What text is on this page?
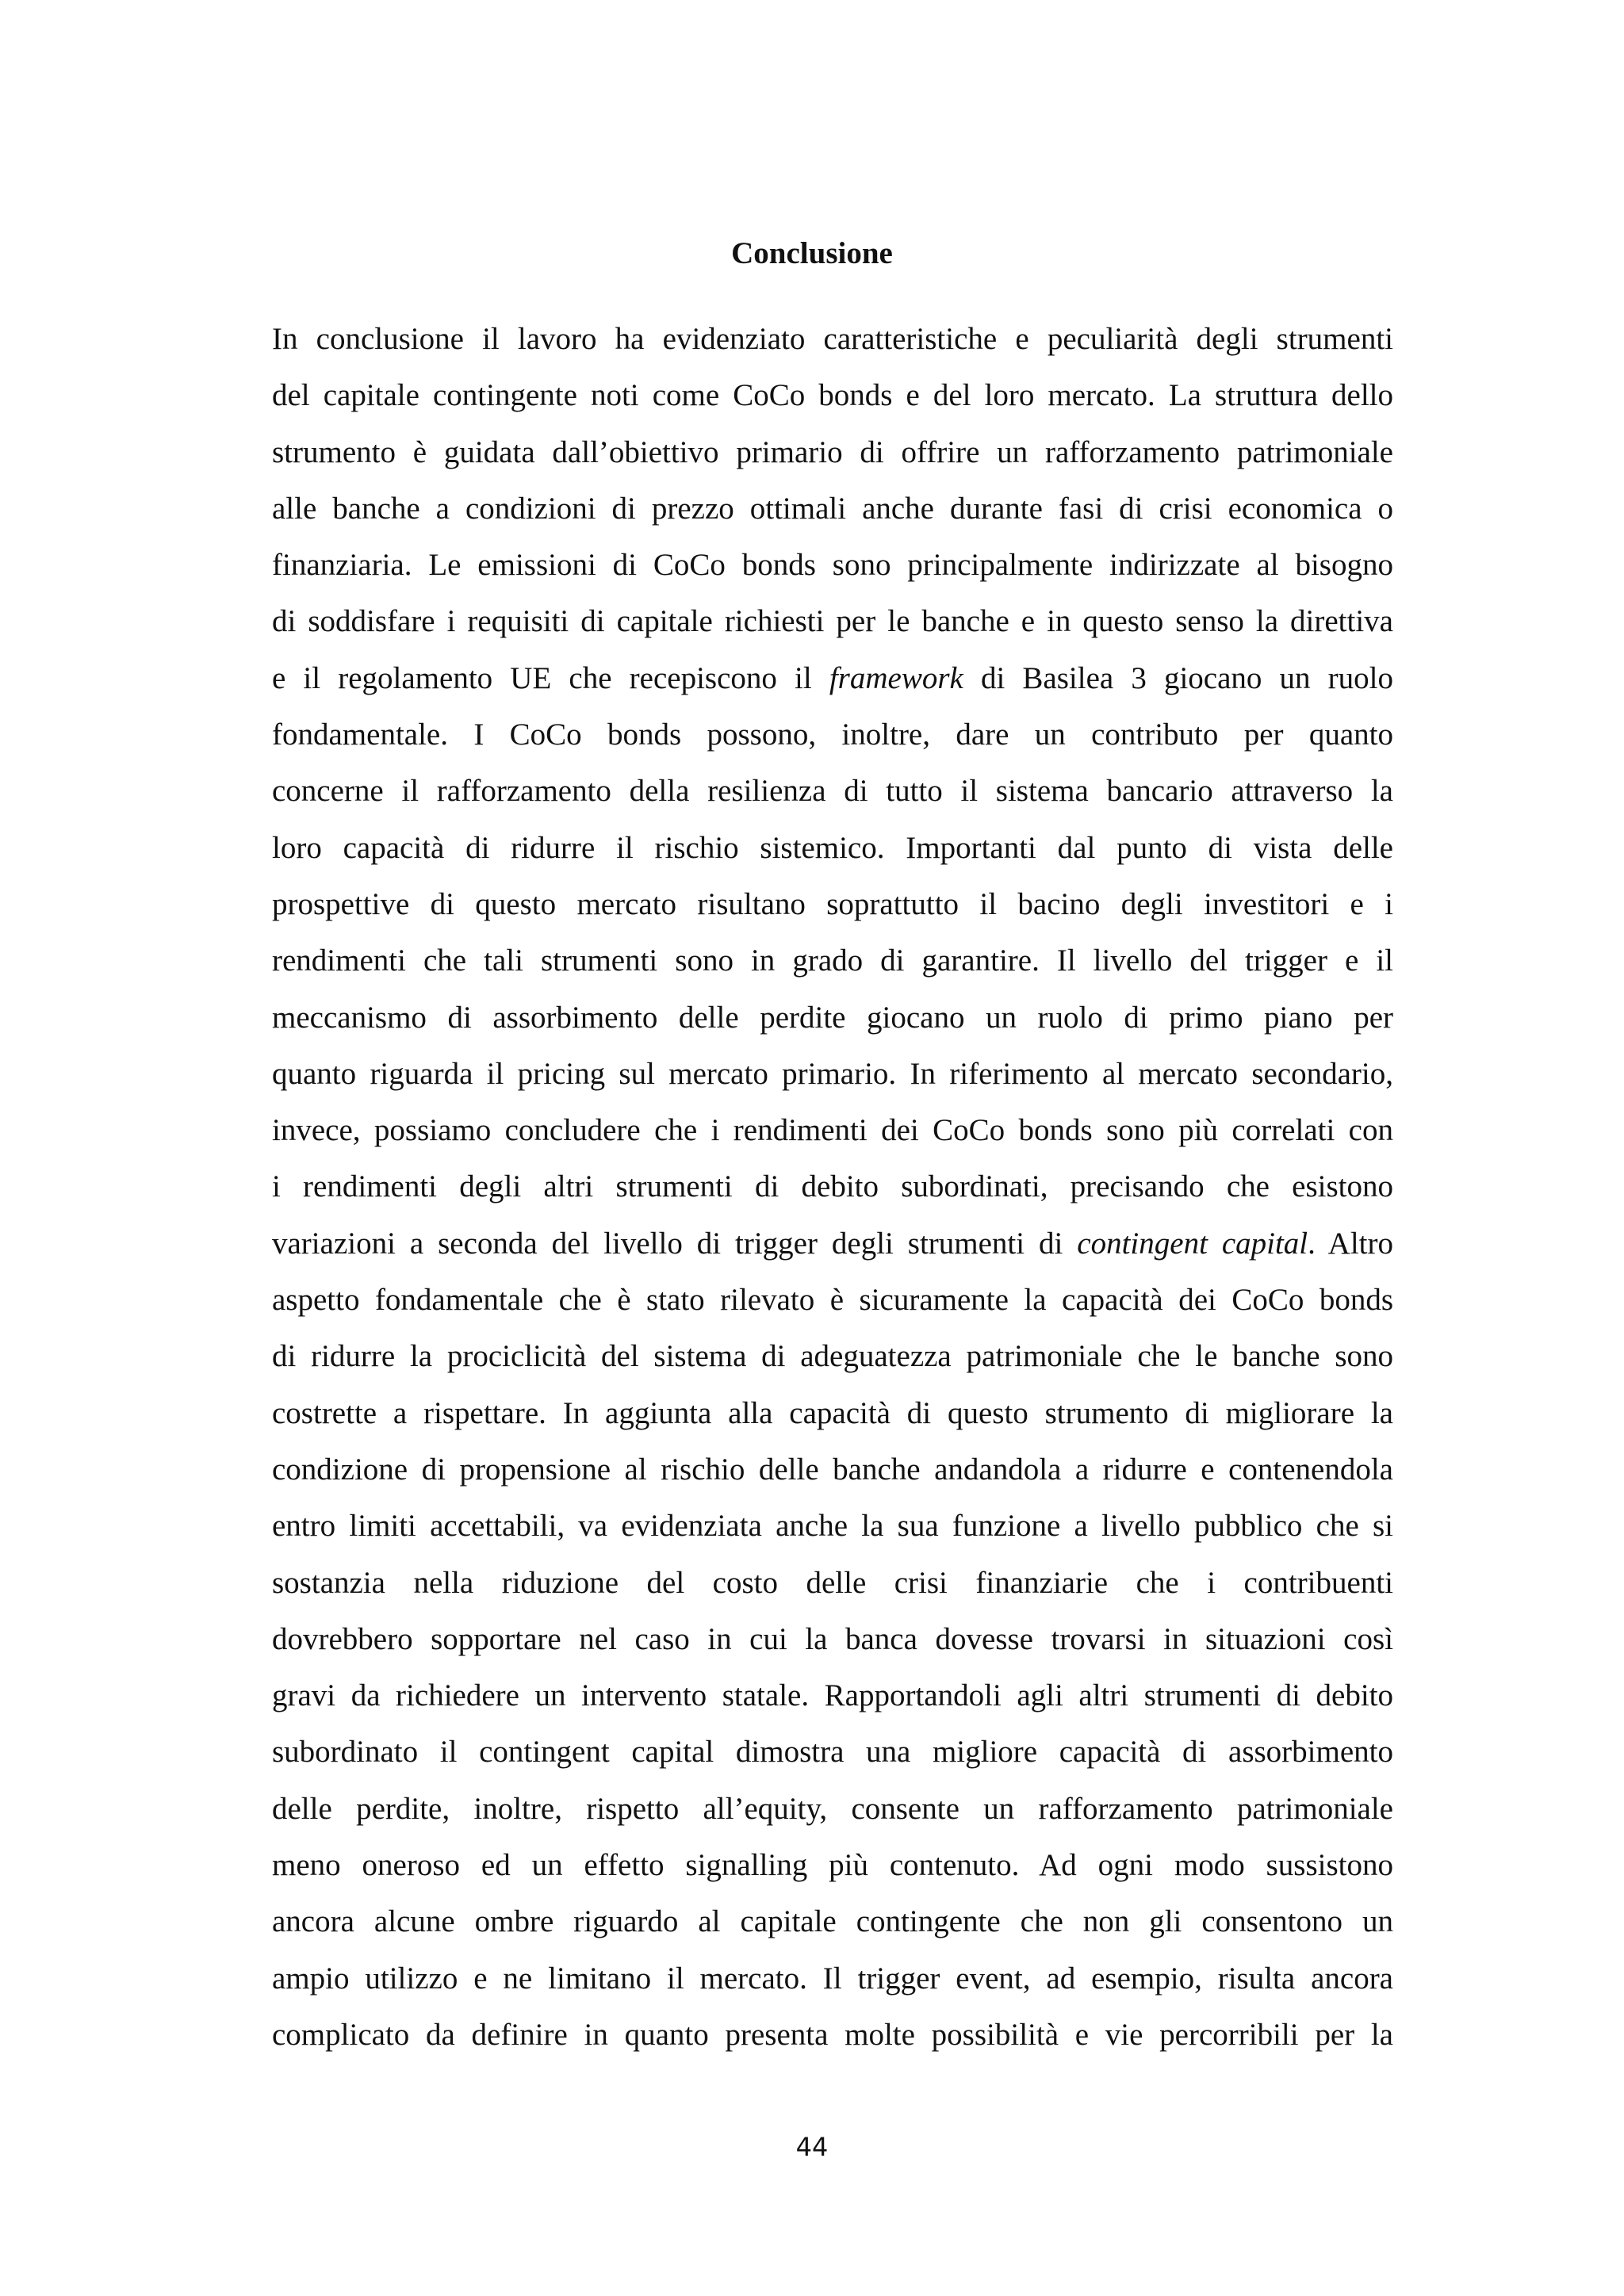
Conclusione
In conclusione il lavoro ha evidenziato caratteristiche e peculiarità degli strumenti
del capitale contingente noti come CoCo bonds e del loro mercato. La struttura dello
strumento è guidata dall’obiettivo primario di offrire un rafforzamento patrimoniale
alle banche a condizioni di prezzo ottimali anche durante fasi di crisi economica o
finanziaria. Le emissioni di CoCo bonds sono principalmente indirizzate al bisogno
di soddisfare i requisiti di capitale richiesti per le banche e in questo senso la direttiva
e il regolamento UE che recepiscono il framework di Basilea 3 giocano un ruolo
fondamentale. I CoCo bonds possono, inoltre, dare un contributo per quanto
concerne il rafforzamento della resilienza di tutto il sistema bancario attraverso la
loro capacità di ridurre il rischio sistemico. Importanti dal punto di vista delle
prospettive di questo mercato risultano soprattutto il bacino degli investitori e i
rendimenti che tali strumenti sono in grado di garantire. Il livello del trigger e il
meccanismo di assorbimento delle perdite giocano un ruolo di primo piano per
quanto riguarda il pricing sul mercato primario. In riferimento al mercato secondario,
invece, possiamo concludere che i rendimenti dei CoCo bonds sono più correlati con
i rendimenti degli altri strumenti di debito subordinati, precisando che esistono
variazioni a seconda del livello di trigger degli strumenti di contingent capital. Altro
aspetto fondamentale che è stato rilevato è sicuramente la capacità dei CoCo bonds
di ridurre la prociclicità del sistema di adeguatezza patrimoniale che le banche sono
costrette a rispettare. In aggiunta alla capacità di questo strumento di migliorare la
condizione di propensione al rischio delle banche andandola a ridurre e contenendola
entro limiti accettabili, va evidenziata anche la sua funzione a livello pubblico che si
sostanzia nella riduzione del costo delle crisi finanziarie che i contribuenti
dovrebbero sopportare nel caso in cui la banca dovesse trovarsi in situazioni così
gravi da richiedere un intervento statale. Rapportandoli agli altri strumenti di debito
subordinato il contingent capital dimostra una migliore capacità di assorbimento
delle perdite, inoltre, rispetto all’equity, consente un rafforzamento patrimoniale
meno oneroso ed un effetto signalling più contenuto. Ad ogni modo sussistono
ancora alcune ombre riguardo al capitale contingente che non gli consentono un
ampio utilizzo e ne limitano il mercato. Il trigger event, ad esempio, risulta ancora
complicato da definire in quanto presenta molte possibilità e vie percorribili per la
44
